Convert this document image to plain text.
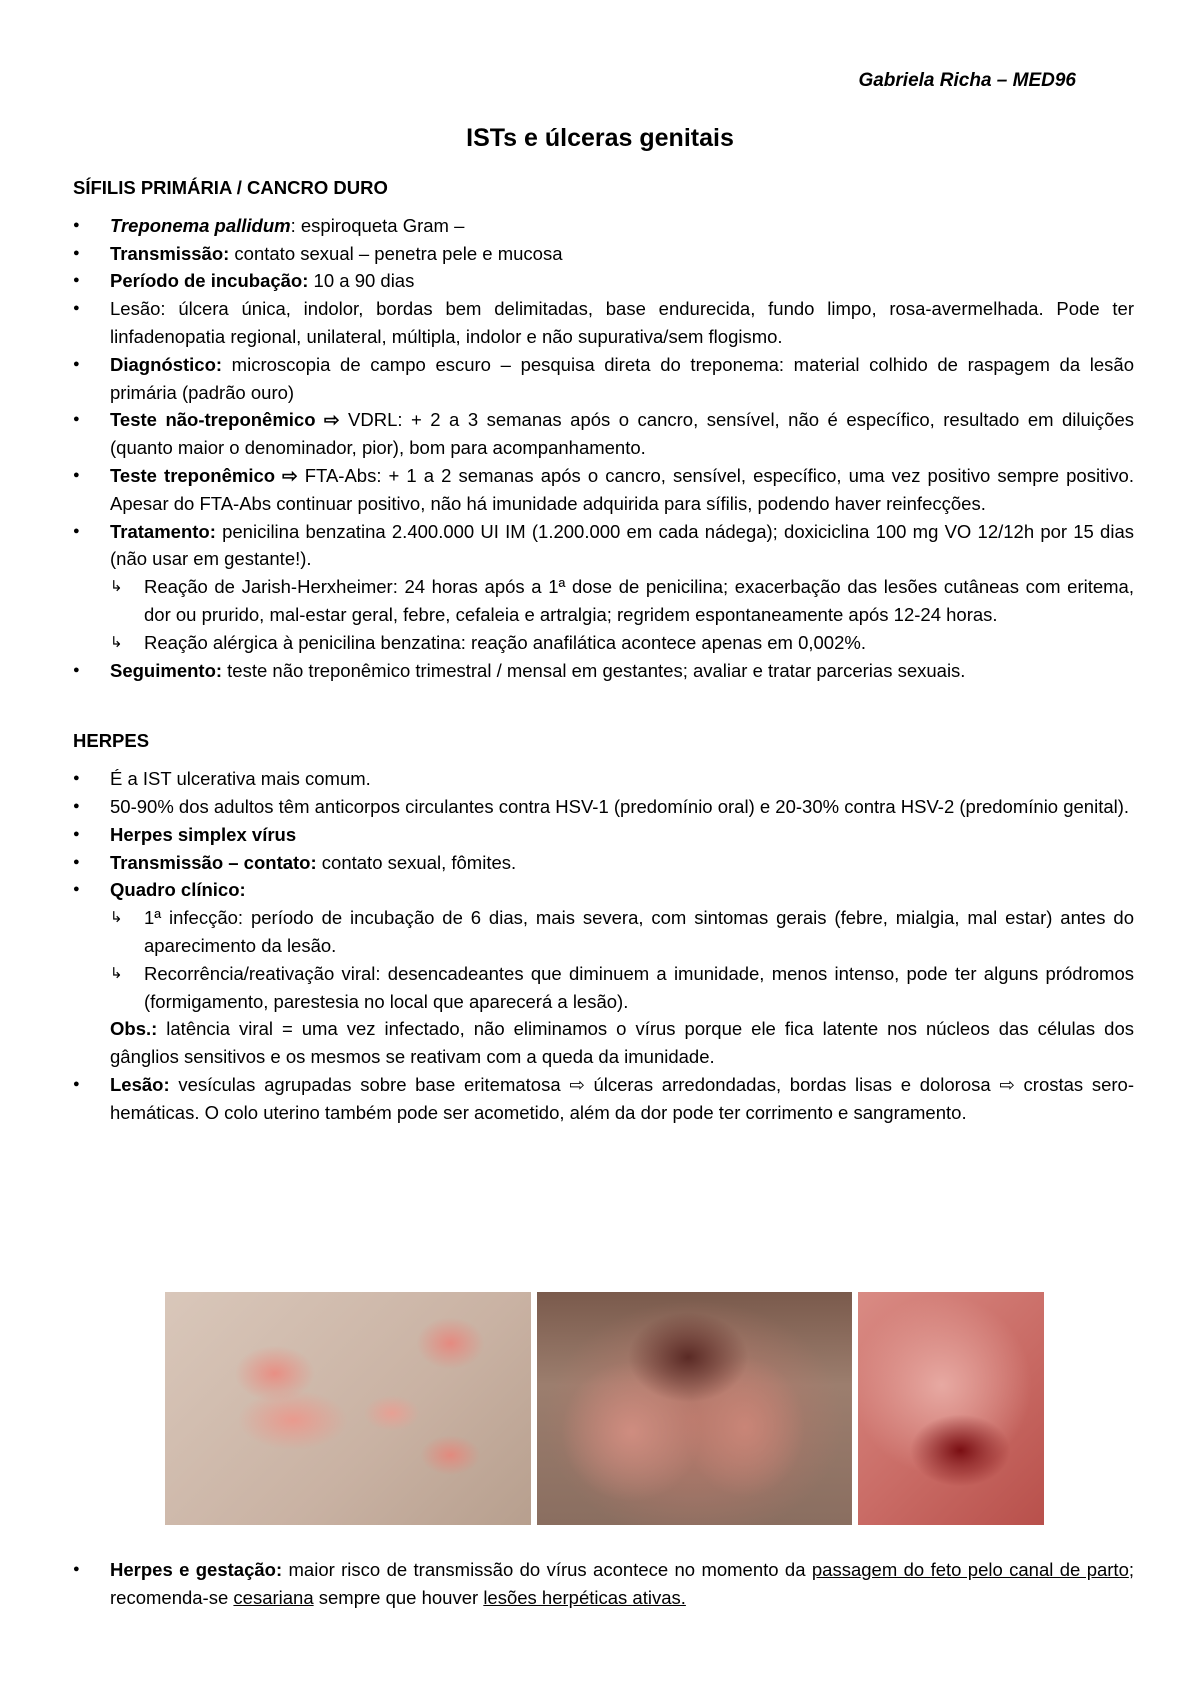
Gabriela Richa – MED96
ISTs e úlceras genitais

SÍFILIS PRIMÁRIA / CANCRO DURO

● Treponema pallidum: espiroqueta Gram –
● Transmissão: contato sexual – penetra pele e mucosa
● Período de incubação: 10 a 90 dias
● Lesão: úlcera única, indolor, bordas bem delimitadas, base endurecida, fundo limpo, rosa-avermelhada. Pode ter linfadenopatia regional, unilateral, múltipla, indolor e não supurativa/sem flogismo.
● Diagnóstico: microscopia de campo escuro – pesquisa direta do treponema: material colhido de raspagem da lesão primária (padrão ouro)
● Teste não-treponêmico ⇨ VDRL: + 2 a 3 semanas após o cancro, sensível, não é específico, resultado em diluições (quanto maior o denominador, pior), bom para acompanhamento.
● Teste treponêmico ⇨ FTA-Abs: + 1 a 2 semanas após o cancro, sensível, específico, uma vez positivo sempre positivo. Apesar do FTA-Abs continuar positivo, não há imunidade adquirida para sífilis, podendo haver reinfecções.
● Tratamento: penicilina benzatina 2.400.000 UI IM (1.200.000 em cada nádega); doxiciclina 100 mg VO 12/12h por 15 dias (não usar em gestante!).
↳ Reação de Jarish-Herxheimer: 24 horas após a 1ª dose de penicilina; exacerbação das lesões cutâneas com eritema, dor ou prurido, mal-estar geral, febre, cefaleia e artralgia; regridem espontaneamente após 12-24 horas.
↳ Reação alérgica à penicilina benzatina: reação anafilática acontece apenas em 0,002%.
● Seguimento: teste não treponêmico trimestral / mensal em gestantes; avaliar e tratar parcerias sexuais.

HERPES

● É a IST ulcerativa mais comum.
● 50-90% dos adultos têm anticorpos circulantes contra HSV-1 (predomínio oral) e 20-30% contra HSV-2 (predomínio genital).
● Herpes simplex vírus
● Transmissão – contato: contato sexual, fômites.
● Quadro clínico:
↳ 1ª infecção: período de incubação de 6 dias, mais severa, com sintomas gerais (febre, mialgia, mal estar) antes do aparecimento da lesão.
↳ Recorrência/reativação viral: desencadeantes que diminuem a imunidade, menos intenso, pode ter alguns pródromos (formigamento, parestesia no local que aparecerá a lesão).
Obs.: latência viral = uma vez infectado, não eliminamos o vírus porque ele fica latente nos núcleos das células dos gânglios sensitivos e os mesmos se reativam com a queda da imunidade.
● Lesão: vesículas agrupadas sobre base eritematosa ⇨ úlceras arredondadas, bordas lisas e dolorosa ⇨ crostas sero-hemáticas. O colo uterino também pode ser acometido, além da dor pode ter corrimento e sangramento.
● Herpes e gestação: maior risco de transmissão do vírus acontece no momento da passagem do feto pelo canal de parto; recomenda-se cesariana sempre que houver lesões herpéticas ativas.
